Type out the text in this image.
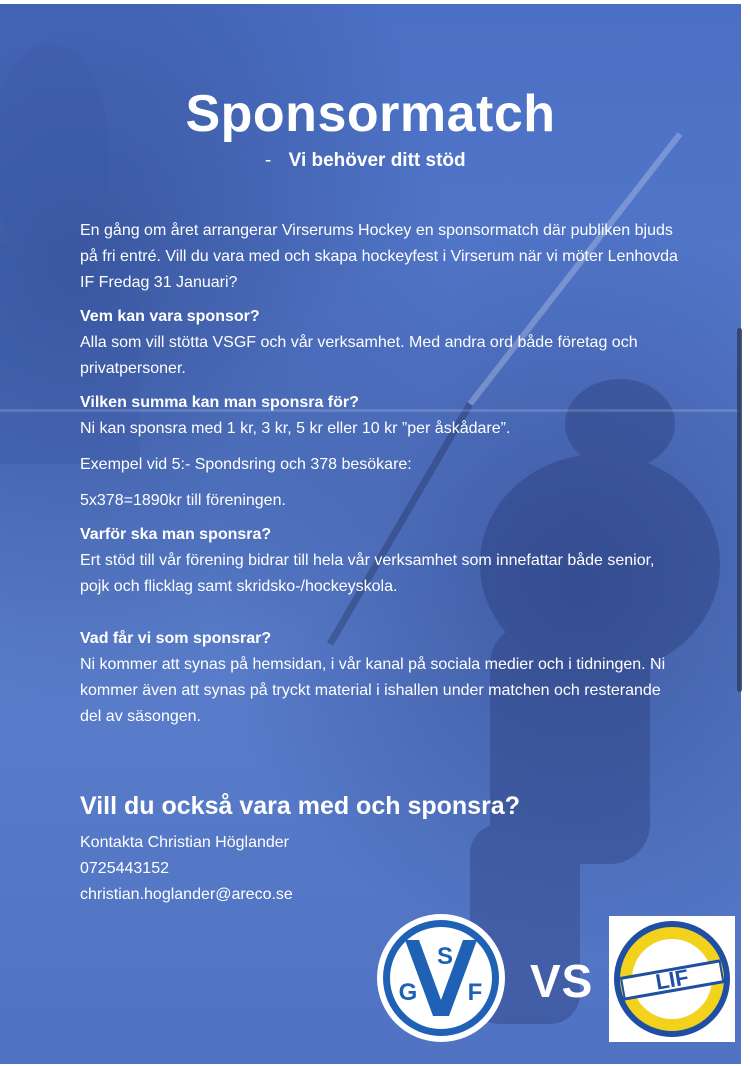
Sponsormatch
- Vi behöver ditt stöd

En gång om året arrangerar Virserums Hockey en sponsormatch där publiken bjuds på fri entré. Vill du vara med och skapa hockeyfest i Virserum när vi möter Lenhovda IF Fredag 31 Januari?

Vem kan vara sponsor?
Alla som vill stötta VSGF och vår verksamhet. Med andra ord både företag och privatpersoner.

Vilken summa kan man sponsra för?
Ni kan sponsra med 1 kr, 3 kr, 5 kr eller 10 kr ”per åskådare”.

Exempel vid 5:- Spondsring och 378 besökare:

5x378=1890kr till föreningen.

Varför ska man sponsra?
Ert stöd till vår förening bidrar till hela vår verksamhet som innefattar både senior, pojk och flicklag samt skridsko-/hockeyskola.

Vad får vi som sponsrar?
Ni kommer att synas på hemsidan, i vår kanal på sociala medier och i tidningen. Ni kommer även att synas på tryckt material i ishallen under matchen och resterande del av säsongen.

Vill du också vara med och sponsra?
Kontakta Christian Höglander
0725443152
christian.hoglander@areco.se
S
G F VS	LIF
